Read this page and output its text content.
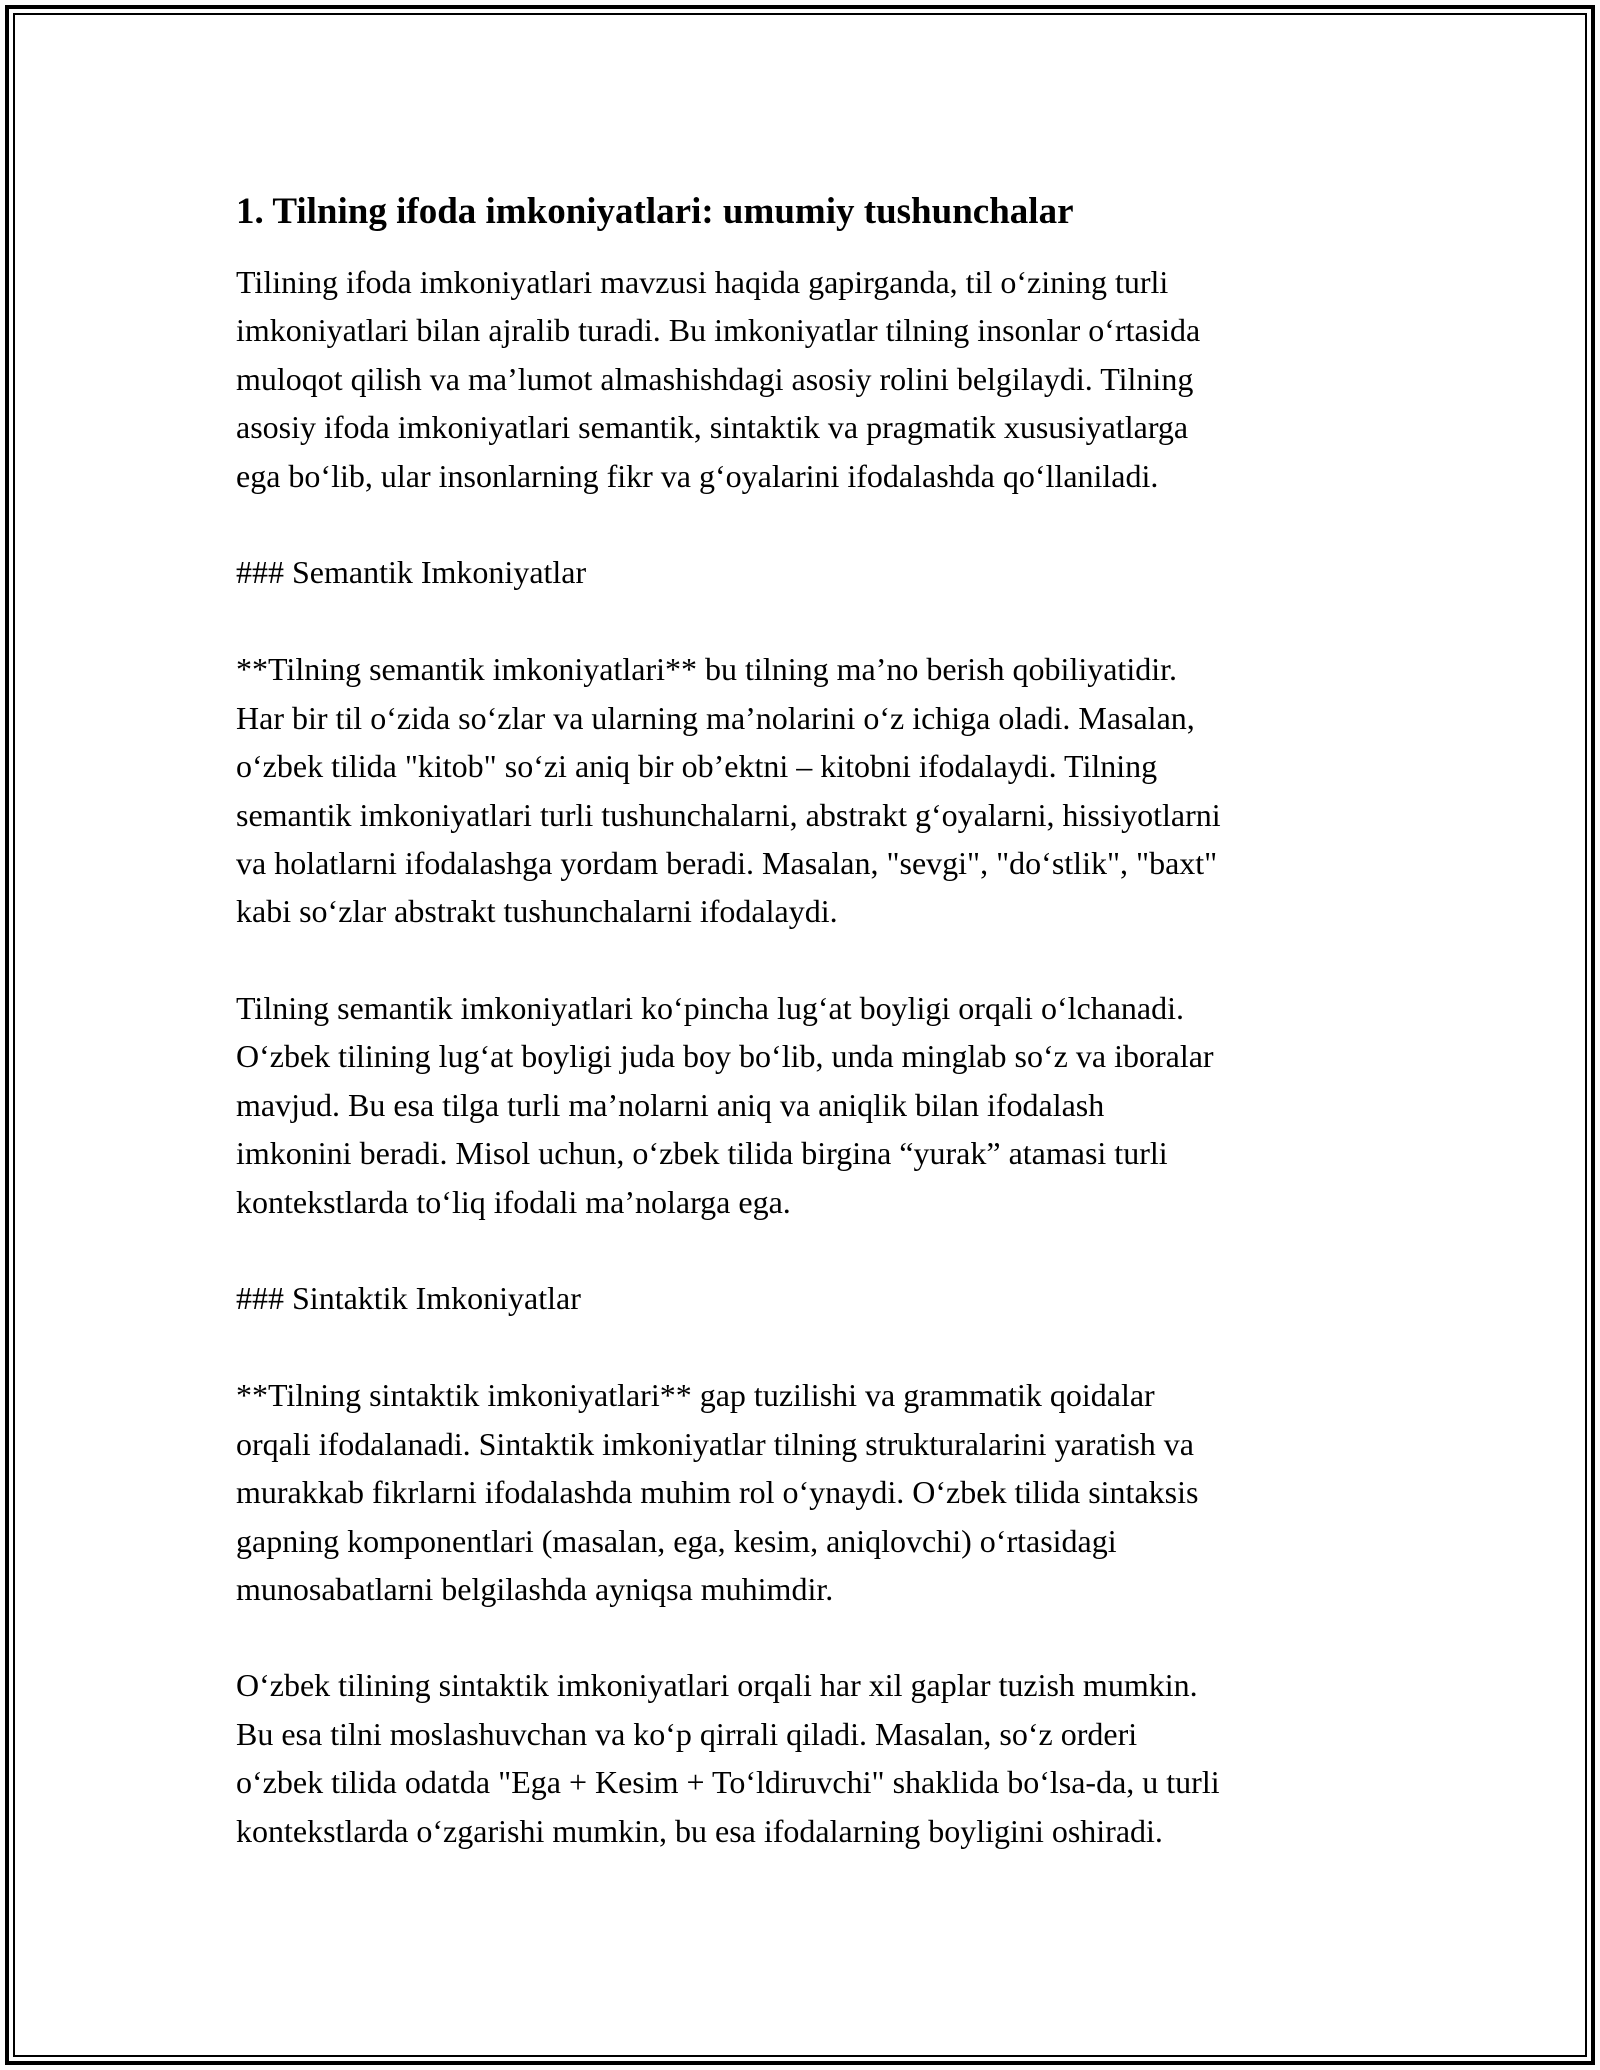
1. Tilning ifoda imkoniyatlari: umumiy tushunchalar

Tilining ifoda imkoniyatlari mavzusi haqida gapirganda, til oʻzining turli
imkoniyatlari bilan ajralib turadi. Bu imkoniyatlar tilning insonlar oʻrtasida
muloqot qilish va maʼlumot almashishdagi asosiy rolini belgilaydi. Tilning
asosiy ifoda imkoniyatlari semantik, sintaktik va pragmatik xususiyatlarga
ega boʻlib, ular insonlarning fikr va gʻoyalarini ifodalashda qoʻllaniladi.

### Semantik Imkoniyatlar

**Tilning semantik imkoniyatlari** bu tilning maʼno berish qobiliyatidir.
Har bir til oʻzida soʻzlar va ularning maʼnolarini oʻz ichiga oladi. Masalan,
oʻzbek tilida "kitob" soʻzi aniq bir obʼektni – kitobni ifodalaydi. Tilning
semantik imkoniyatlari turli tushunchalarni, abstrakt gʻoyalarni, hissiyotlarni
va holatlarni ifodalashga yordam beradi. Masalan, "sevgi", "doʻstlik", "baxt"
kabi soʻzlar abstrakt tushunchalarni ifodalaydi.

Tilning semantik imkoniyatlari koʻpincha lugʻat boyligi orqali oʻlchanadi.
Oʻzbek tilining lugʻat boyligi juda boy boʻlib, unda minglab soʻz va iboralar
mavjud. Bu esa tilga turli maʼnolarni aniq va aniqlik bilan ifodalash
imkonini beradi. Misol uchun, oʻzbek tilida birgina “yurak” atamasi turli
kontekstlarda toʻliq ifodali maʼnolarga ega.

### Sintaktik Imkoniyatlar

**Tilning sintaktik imkoniyatlari** gap tuzilishi va grammatik qoidalar
orqali ifodalanadi. Sintaktik imkoniyatlar tilning strukturalarini yaratish va
murakkab fikrlarni ifodalashda muhim rol oʻynaydi. Oʻzbek tilida sintaksis
gapning komponentlari (masalan, ega, kesim, aniqlovchi) oʻrtasidagi
munosabatlarni belgilashda ayniqsa muhimdir.

Oʻzbek tilining sintaktik imkoniyatlari orqali har xil gaplar tuzish mumkin.
Bu esa tilni moslashuvchan va koʻp qirrali qiladi. Masalan, soʻz orderi
oʻzbek tilida odatda "Ega + Kesim + Toʻldiruvchi" shaklida boʻlsa-da, u turli
kontekstlarda oʻzgarishi mumkin, bu esa ifodalarning boyligini oshiradi.
